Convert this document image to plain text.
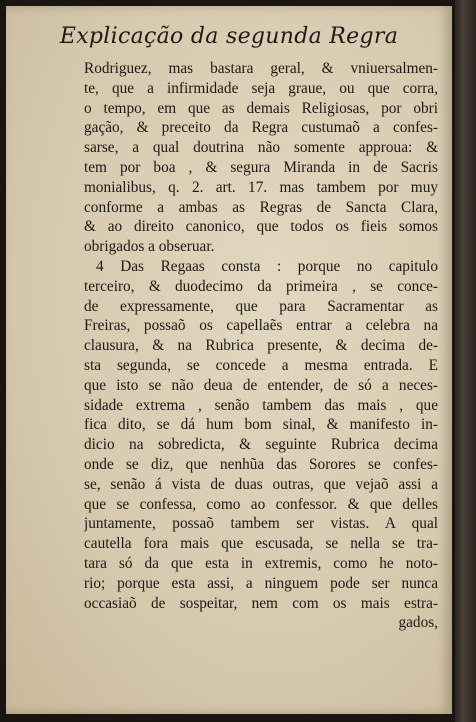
Explicação da segunda Regra
Rodriguez, mas bastara geral, & vniuersalmen-
te, que a infirmidade seja graue, ou que corra,
o tempo, em que as demais Religiosas, por obri
gação, & preceito da Regra custumaõ a confes-
sarse, a qual doutrina não somente approua: &
tem por boa , & segura Miranda in de Sacris
monialibus, q. 2. art. 17. mas tambem por muy
conforme a ambas as Regras de Sancta Clara,
& ao direito canonico, que todos os fieis somos
obrigados a obseruar.
4 Das Regaas consta : porque no capitulo
terceiro, & duodecimo da primeira , se conce-
de expressamente, que para Sacramentar as
Freiras, possaõ os capellaẽs entrar a celebra na
clausura, & na Rubrica presente, & decima de-
sta segunda, se concede a mesma entrada. E
que isto se não deua de entender, de só a neces-
sidade extrema , senão tambem das mais , que
fica dito, se dá hum bom sinal, & manifesto in-
dicio na sobredicta, & seguinte Rubrica decima
onde se diz, que nenhũa das Sorores se confes-
se, senão á vista de duas outras, que vejaõ assi a
que se confessa, como ao confessor. & que delles
juntamente, possaõ tambem ser vistas. A qual
cautella fora mais que escusada, se nella se tra-
tara só da que esta in extremis, como he noto-
rio; porque esta assi, a ninguem pode ser nunca
occasiaõ de sospeitar, nem com os mais estra-
gados,
